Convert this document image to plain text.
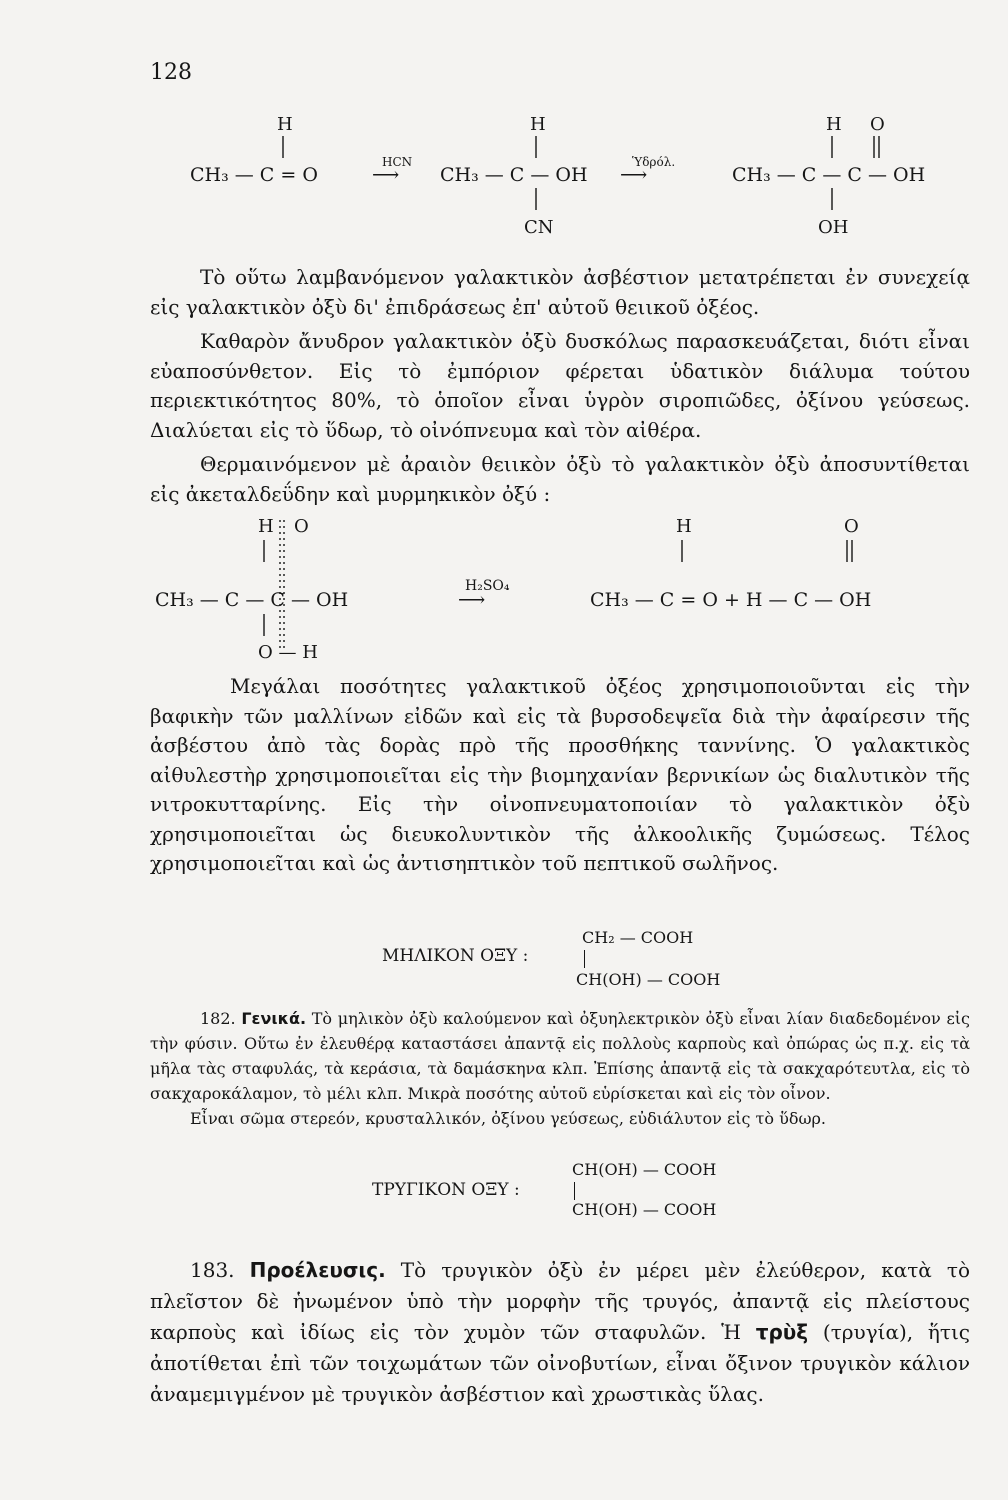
128
H
CH₃ — C = O
HCN
⟶
H
CH₃ — C — OH
CN
Ὑδρόλ.
⟶
H O
CH₃ — C — C — OH
OH
Τὸ οὕτω λαμβανόμενον γαλακτικὸν ἀσβέστιον μετατρέπεται ἐν συνεχείᾳ εἰς γαλακτικὸν ὀξὺ δι' ἐπιδράσεως ἐπ' αὐτοῦ θειικοῦ ὀξέος.
Καθαρὸν ἄνυδρον γαλακτικὸν ὀξὺ δυσκόλως παρασκευάζεται, διότι εἶναι εὐαποσύνθετον. Εἰς τὸ ἐμπόριον φέρεται ὑδατικὸν διάλυμα τούτου περιεκτικότητος 80%, τὸ ὁποῖον εἶναι ὑγρὸν σιροπιῶδες, ὀξίνου γεύσεως. Διαλύεται εἰς τὸ ὕδωρ, τὸ οἰνόπνευμα καὶ τὸν αἰθέρα.
Θερμαινόμενον μὲ ἀραιὸν θειικὸν ὀξὺ τὸ γαλακτικὸν ὀξὺ ἀποσυντίθεται εἰς ἀκεταλδεΰδην καὶ μυρμηκικὸν ὀξύ :
H O
CH₃ — C — C — OH
O — H
H₂SO₄
⟶
H	O
CH₃ — C = O + H — C — OH
Μεγάλαι ποσότητες γαλακτικοῦ ὀξέος χρησιμοποιοῦνται εἰς τὴν βαφικὴν τῶν μαλλίνων εἰδῶν καὶ εἰς τὰ βυρσοδεψεῖα διὰ τὴν ἀφαίρεσιν τῆς ἀσβέστου ἀπὸ τὰς δορὰς πρὸ τῆς προσθήκης ταννίνης. Ὁ γαλακτικὸς αἰθυλεστὴρ χρησιμοποιεῖται εἰς τὴν βιομηχανίαν βερνικίων ὡς διαλυτικὸν τῆς νιτροκυτταρίνης. Εἰς τὴν οἰνοπνευματοποιίαν τὸ γαλακτικὸν ὀξὺ χρησιμοποιεῖται ὡς διευκολυντικὸν τῆς ἀλκοολικῆς ζυμώσεως. Τέλος χρησιμοποιεῖται καὶ ὡς ἀντισηπτικὸν τοῦ πεπτικοῦ σωλῆνος.
ΜΗΛΙΚΟΝ ΟΞΥ :
CH₂ — COOH
CH(OH) — COOH
182. Γενικά. Τὸ μηλικὸν ὀξὺ καλούμενον καὶ ὀξυηλεκτρικὸν ὀξὺ εἶναι λίαν διαδεδομένον εἰς τὴν φύσιν. Οὕτω ἐν ἐλευθέρᾳ καταστάσει ἀπαντᾷ εἰς πολλοὺς καρποὺς καὶ ὀπώρας ὡς π.χ. εἰς τὰ μῆλα τὰς σταφυλάς, τὰ κεράσια, τὰ δαμάσκηνα κλπ. Ἐπίσης ἀπαντᾷ εἰς τὰ σακχαρότευτλα, εἰς τὸ σακχαροκάλαμον, τὸ μέλι κλπ. Μικρὰ ποσότης αὐτοῦ εὑρίσκεται καὶ εἰς τὸν οἶνον.
Εἶναι σῶμα στερεόν, κρυσταλλικόν, ὀξίνου γεύσεως, εὐδιάλυτον εἰς τὸ ὕδωρ.
ΤΡΥΓΙΚΟΝ ΟΞΥ :
CH(OH) — COOH
CH(OH) — COOH
183. Προέλευσις. Τὸ τρυγικὸν ὀξὺ ἐν μέρει μὲν ἐλεύθερον, κατὰ τὸ πλεῖστον δὲ ἡνωμένον ὑπὸ τὴν μορφὴν τῆς τρυγός, ἀπαντᾷ εἰς πλείστους καρποὺς καὶ ἰδίως εἰς τὸν χυμὸν τῶν σταφυλῶν. Ἡ τρὺξ (τρυγία), ἥτις ἀποτίθεται ἐπὶ τῶν τοιχωμάτων τῶν οἰνοβυτίων, εἶναι ὄξινον τρυγικὸν κάλιον ἀναμεμιγμένον μὲ τρυγικὸν ἀσβέστιον καὶ χρωστικὰς ὕλας.
